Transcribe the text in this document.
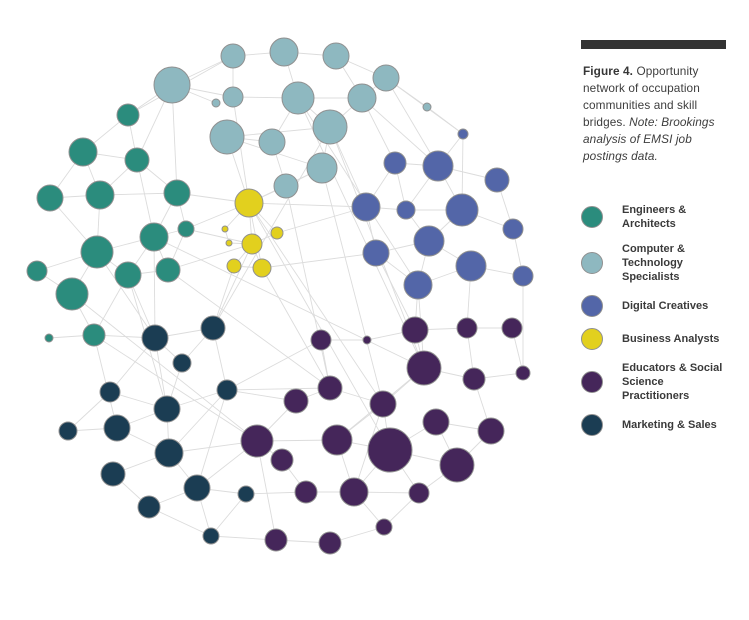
Figure 4. Opportunity network of occupation communities and skill bridges. Note: Brookings analysis of EMSI job postings data.

Engineers & Architects
Computer & Technology Specialists
Digital Creatives
Business Analysts
Educators & Social Science Practitioners
Marketing & Sales
